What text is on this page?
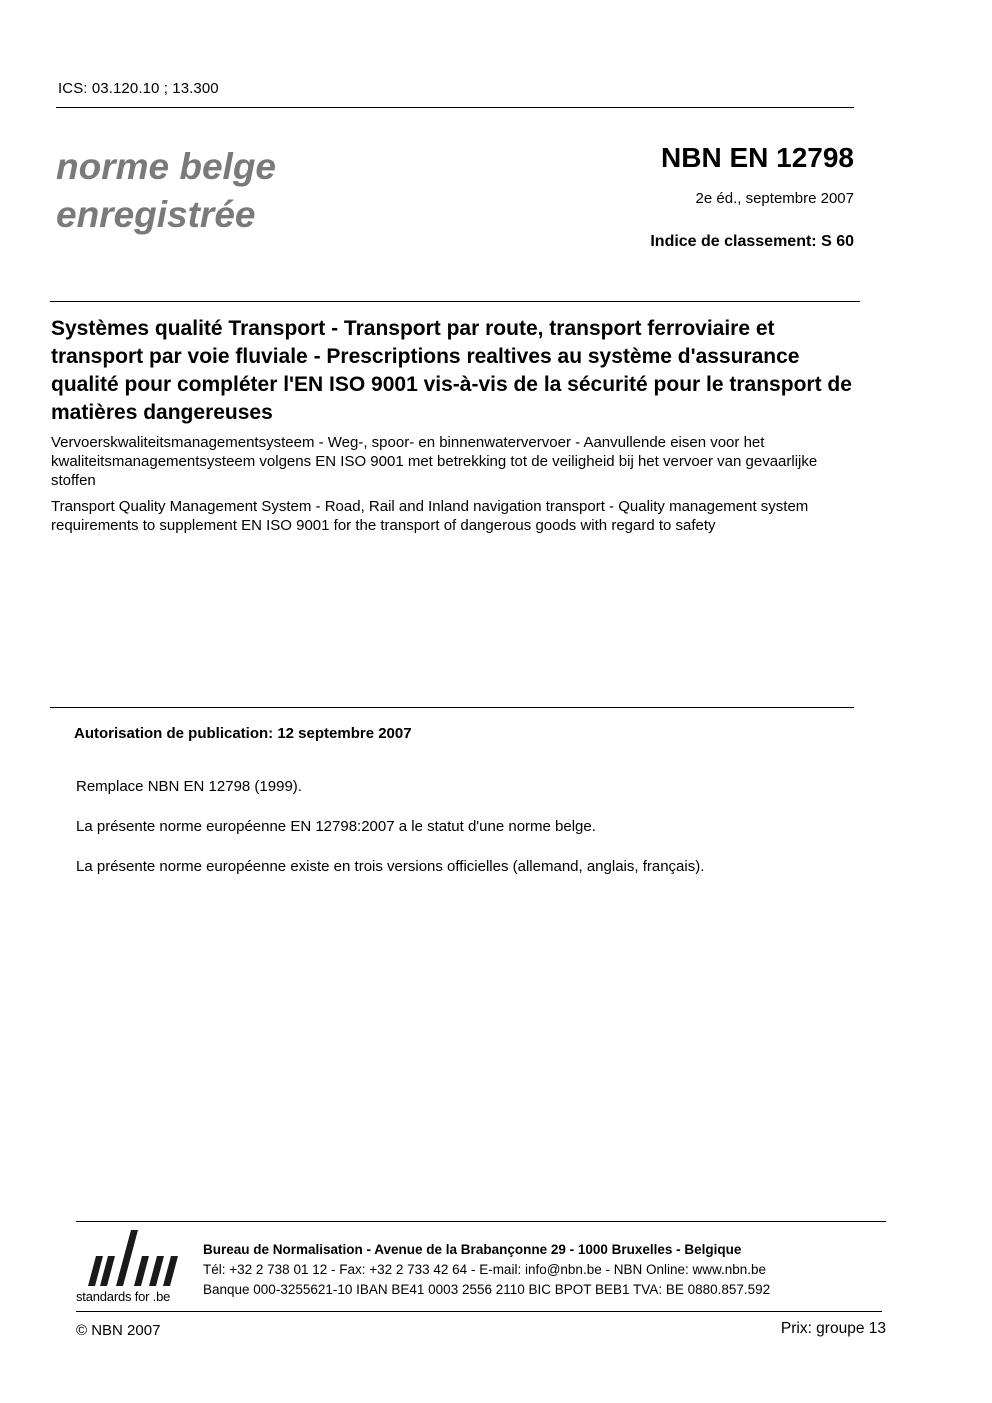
ICS: 03.120.10 ; 13.300
norme belge
enregistrée
NBN EN 12798
2e éd., septembre 2007
Indice de classement: S 60
Systèmes qualité Transport - Transport par route, transport ferroviaire et transport par voie fluviale - Prescriptions realtives au système d'assurance qualité pour compléter l'EN ISO 9001 vis-à-vis de la sécurité pour le transport de matières dangereuses
Vervoerskwaliteitsmanagementsysteem - Weg-, spoor- en binnenwatervervoer - Aanvullende eisen voor het kwaliteitsmanagementsysteem volgens EN ISO 9001 met betrekking tot de veiligheid bij het vervoer van gevaarlijke stoffen
Transport Quality Management System - Road, Rail and Inland navigation transport - Quality management system requirements to supplement EN ISO 9001 for the transport of dangerous goods with regard to safety
Autorisation de publication: 12 septembre 2007

Remplace NBN EN 12798 (1999).

La présente norme européenne EN 12798:2007 a le statut d'une norme belge.

La présente norme européenne existe en trois versions officielles (allemand, anglais, français).

standards for .be
Bureau de Normalisation - Avenue de la Brabançonne 29 - 1000 Bruxelles - Belgique
Tél: +32 2 738 01 12 - Fax: +32 2 733 42 64 - E-mail: info@nbn.be - NBN Online: www.nbn.be
Banque 000-3255621-10 IBAN BE41 0003 2556 2110 BIC BPOT BEB1 TVA: BE 0880.857.592
© NBN 2007	Prix: groupe 13
